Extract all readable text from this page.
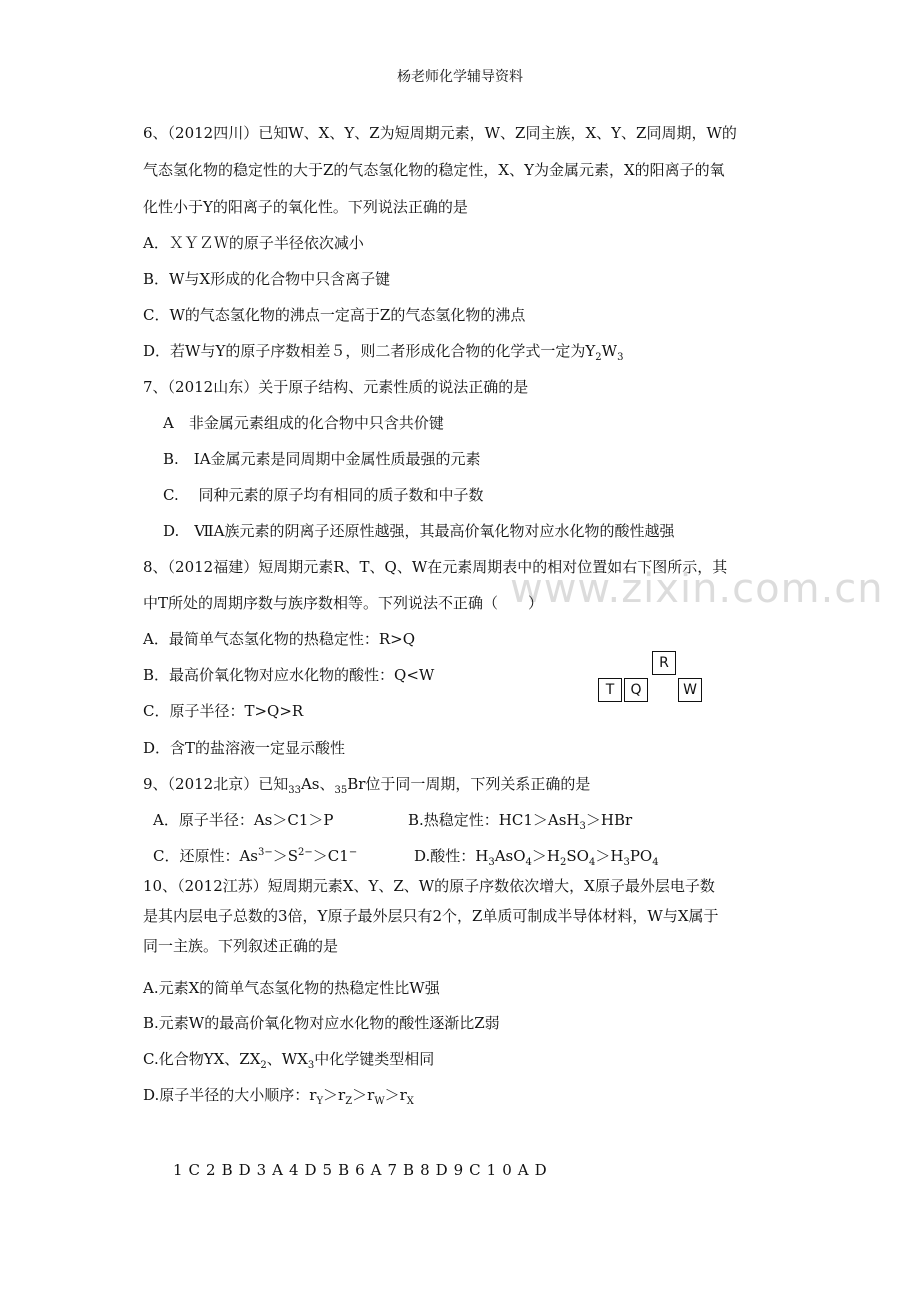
杨老师化学辅导资料
www.zixin.com.cn
6、（2012四川）已知W、X、Y、Z为短周期元素，W、Z同主族，X、Y、Z同周期，W的
气态氢化物的稳定性的大于Z的气态氢化物的稳定性，X、Y为金属元素，X的阳离子的氧
化性小于Y的阳离子的氧化性。下列说法正确的是
A．ＸＹＺＷ的原子半径依次减小
B．W与X形成的化合物中只含离子键
C．W的气态氢化物的沸点一定高于Z的气态氢化物的沸点
D．若W与Y的原子序数相差５，则二者形成化合物的化学式一定为$Y_2W_3$
7、（2012山东）关于原子结构、元素性质的说法正确的是
A　非金属元素组成的化合物中只含共价键
B.　ⅠA金属元素是同周期中金属性质最强的元素
C.　 同种元素的原子均有相同的质子数和中子数
D.　ⅦA族元素的阴离子还原性越强，其最高价氧化物对应水化物的酸性越强
8、（2012福建）短周期元素R、T、Q、W在元素周期表中的相对位置如右下图所示，其
中T所处的周期序数与族序数相等。下列说法不正确（　　）
A．最简单气态氢化物的热稳定性：R>Q
B．最高价氧化物对应水化物的酸性：Q<W
C．原子半径：T>Q>R
D．含T的盐溶液一定显示酸性
R
T	Q	W
9、（2012北京）已知$_{33}$As、$_{35}$Br位于同一周期，下列关系正确的是
A．原子半径：As＞C1＞P	B.热稳定性：HC1＞AsH$_3$＞HBr
C．还原性：$As^{3-}>S^{2-}>C1^-$	D.酸性：$H_3AsO_4>H_2SO_4>H_3PO_4$
10、（2012江苏）短周期元素X、Y、Z、W的原子序数依次增大，X原子最外层电子数
是其内层电子总数的3倍，Y原子最外层只有2个，Z单质可制成半导体材料，W与X属于
同一主族。下列叙述正确的是
A.元素X的简单气态氢化物的热稳定性比W强
B.元素W的最高价氧化物对应水化物的酸性逐渐比Z弱
C.化合物YX、$ZX_2$、$WX_3$中化学键类型相同
D.原子半径的大小顺序：$r_Y>r_Z>r_W>r_X$
1C2BD3A4D5B6A7B8D9C10AD
